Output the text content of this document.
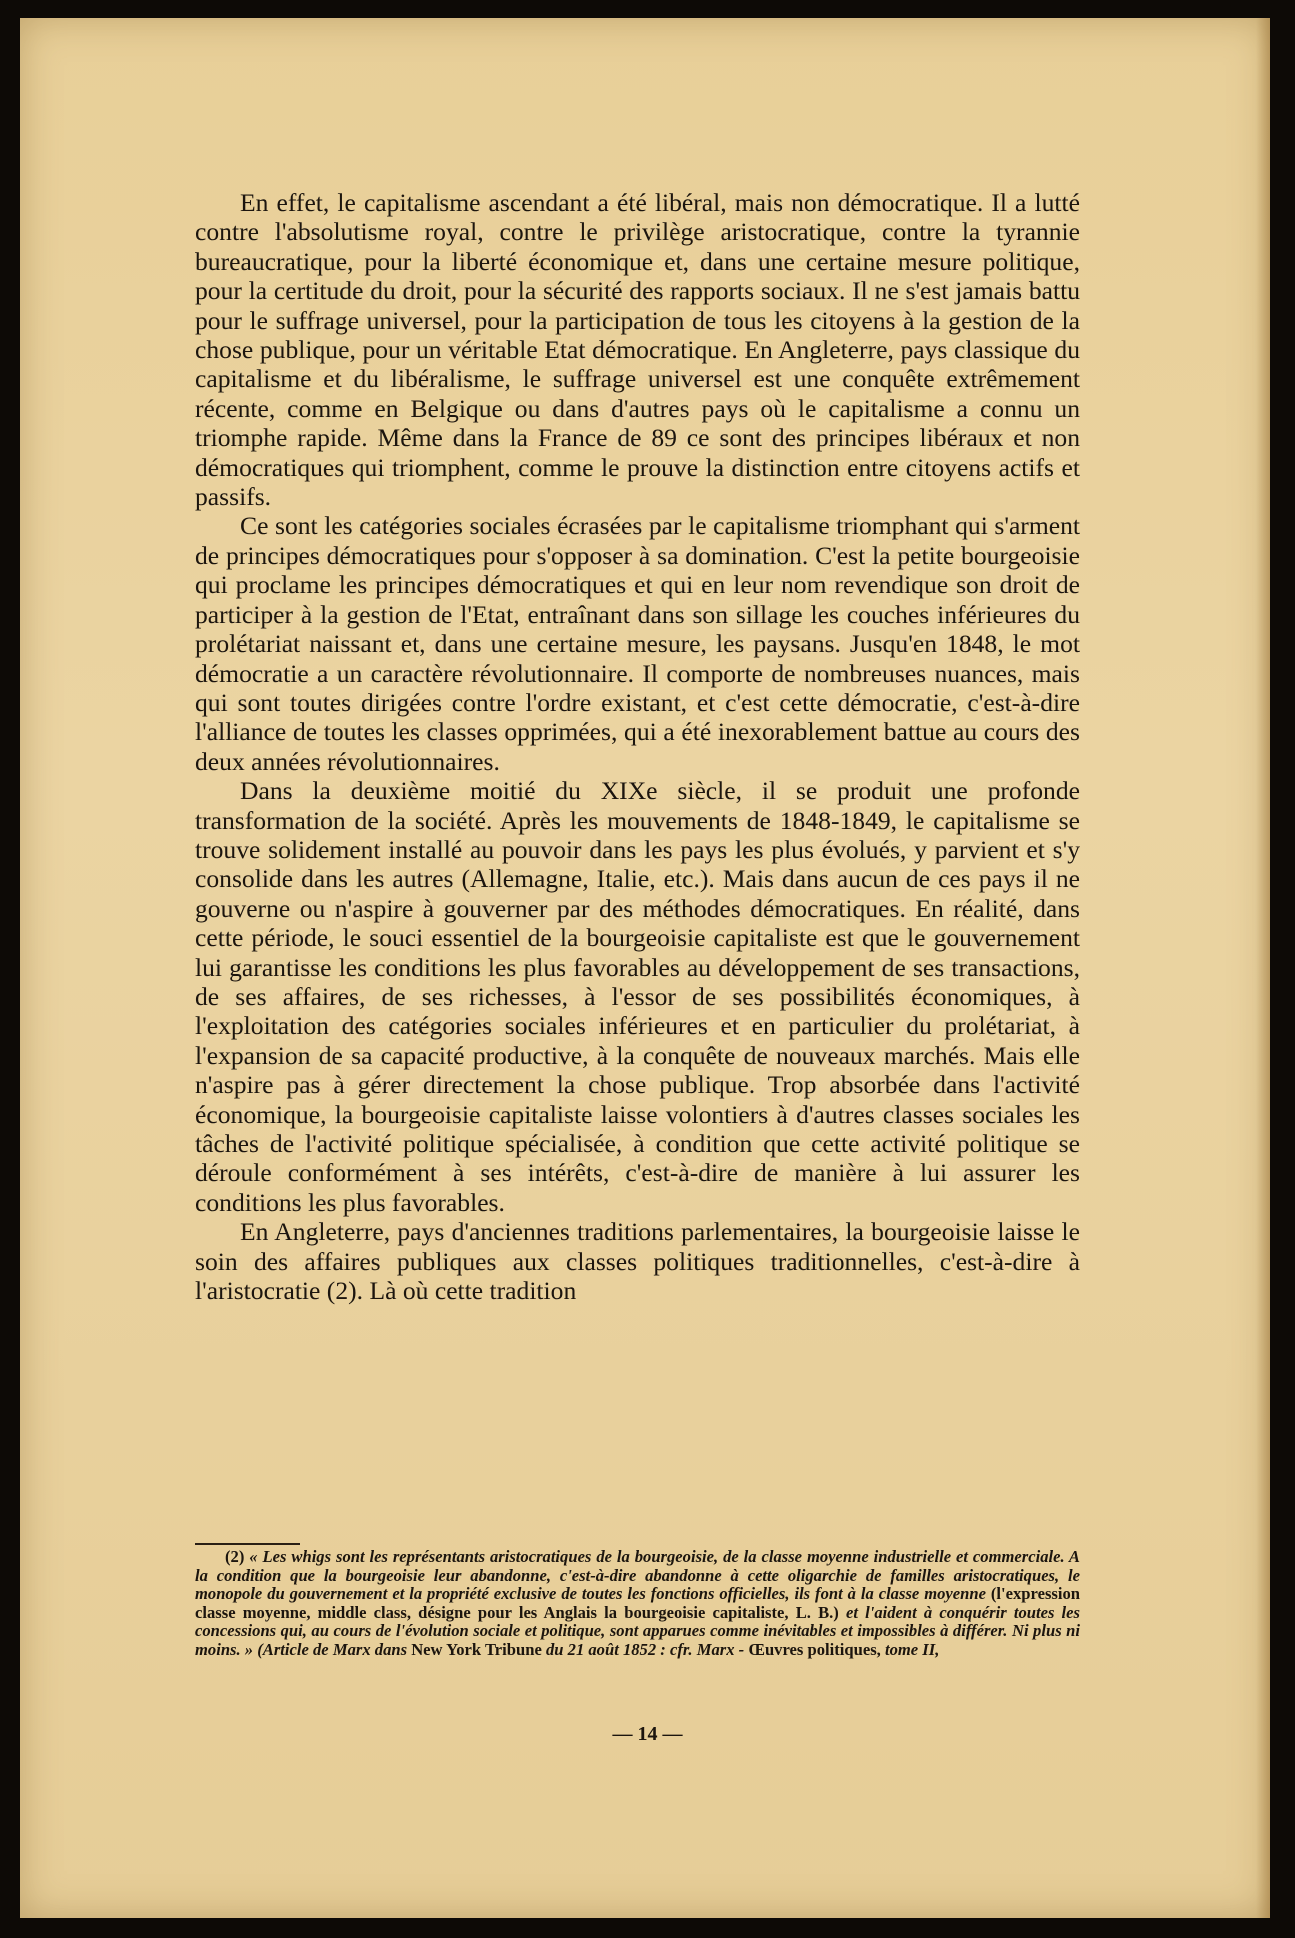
En effet, le capitalisme ascendant a été libéral, mais non démocratique. Il a lutté contre l'absolutisme royal, contre le privilège aristocratique, contre la tyrannie bureaucratique, pour la liberté économique et, dans une certaine mesure politique, pour la certitude du droit, pour la sécurité des rapports sociaux. Il ne s'est jamais battu pour le suffrage universel, pour la participation de tous les citoyens à la gestion de la chose publique, pour un véritable Etat démocratique. En Angleterre, pays classique du capitalisme et du libéralisme, le suffrage universel est une conquête extrêmement récente, comme en Belgique ou dans d'autres pays où le capitalisme a connu un triomphe rapide. Même dans la France de 89 ce sont des principes libéraux et non démocratiques qui triomphent, comme le prouve la distinction entre citoyens actifs et passifs.

Ce sont les catégories sociales écrasées par le capitalisme triomphant qui s'arment de principes démocratiques pour s'opposer à sa domination. C'est la petite bourgeoisie qui proclame les principes démocratiques et qui en leur nom revendique son droit de participer à la gestion de l'Etat, entraînant dans son sillage les couches inférieures du prolétariat naissant et, dans une certaine mesure, les paysans. Jusqu'en 1848, le mot démocratie a un caractère révolutionnaire. Il comporte de nombreuses nuances, mais qui sont toutes dirigées contre l'ordre existant, et c'est cette démocratie, c'est-à-dire l'alliance de toutes les classes opprimées, qui a été inexorablement battue au cours des deux années révolutionnaires.

Dans la deuxième moitié du XIXe siècle, il se produit une profonde transformation de la société. Après les mouvements de 1848-1849, le capitalisme se trouve solidement installé au pouvoir dans les pays les plus évolués, y parvient et s'y consolide dans les autres (Allemagne, Italie, etc.). Mais dans aucun de ces pays il ne gouverne ou n'aspire à gouverner par des méthodes démocratiques. En réalité, dans cette période, le souci essentiel de la bourgeoisie capitaliste est que le gouvernement lui garantisse les conditions les plus favorables au développement de ses transactions, de ses affaires, de ses richesses, à l'essor de ses possibilités économiques, à l'exploitation des catégories sociales inférieures et en particulier du prolétariat, à l'expansion de sa capacité productive, à la conquête de nouveaux marchés. Mais elle n'aspire pas à gérer directement la chose publique. Trop absorbée dans l'activité économique, la bourgeoisie capitaliste laisse volontiers à d'autres classes sociales les tâches de l'activité politique spécialisée, à condition que cette activité politique se déroule conformément à ses intérêts, c'est-à-dire de manière à lui assurer les conditions les plus favorables.

En Angleterre, pays d'anciennes traditions parlementaires, la bourgeoisie laisse le soin des affaires publiques aux classes politiques traditionnelles, c'est-à-dire à l'aristocratie (2). Là où cette tradition

(2) « Les whigs sont les représentants aristocratiques de la bourgeoisie, de la classe moyenne industrielle et commerciale. A la condition que la bourgeoisie leur abandonne, c'est-à-dire abandonne à cette oligarchie de familles aristocratiques, le monopole du gouvernement et la propriété exclusive de toutes les fonctions officielles, ils font à la classe moyenne (l'expression classe moyenne, middle class, désigne pour les Anglais la bourgeoisie capitaliste, L. B.) et l'aident à conquérir toutes les concessions qui, au cours de l'évolution sociale et politique, sont apparues comme inévitables et impossibles à différer. Ni plus ni moins. » (Article de Marx dans New York Tribune du 21 août 1852 : cfr. Marx - Œuvres politiques, tome II,
— 14 —
